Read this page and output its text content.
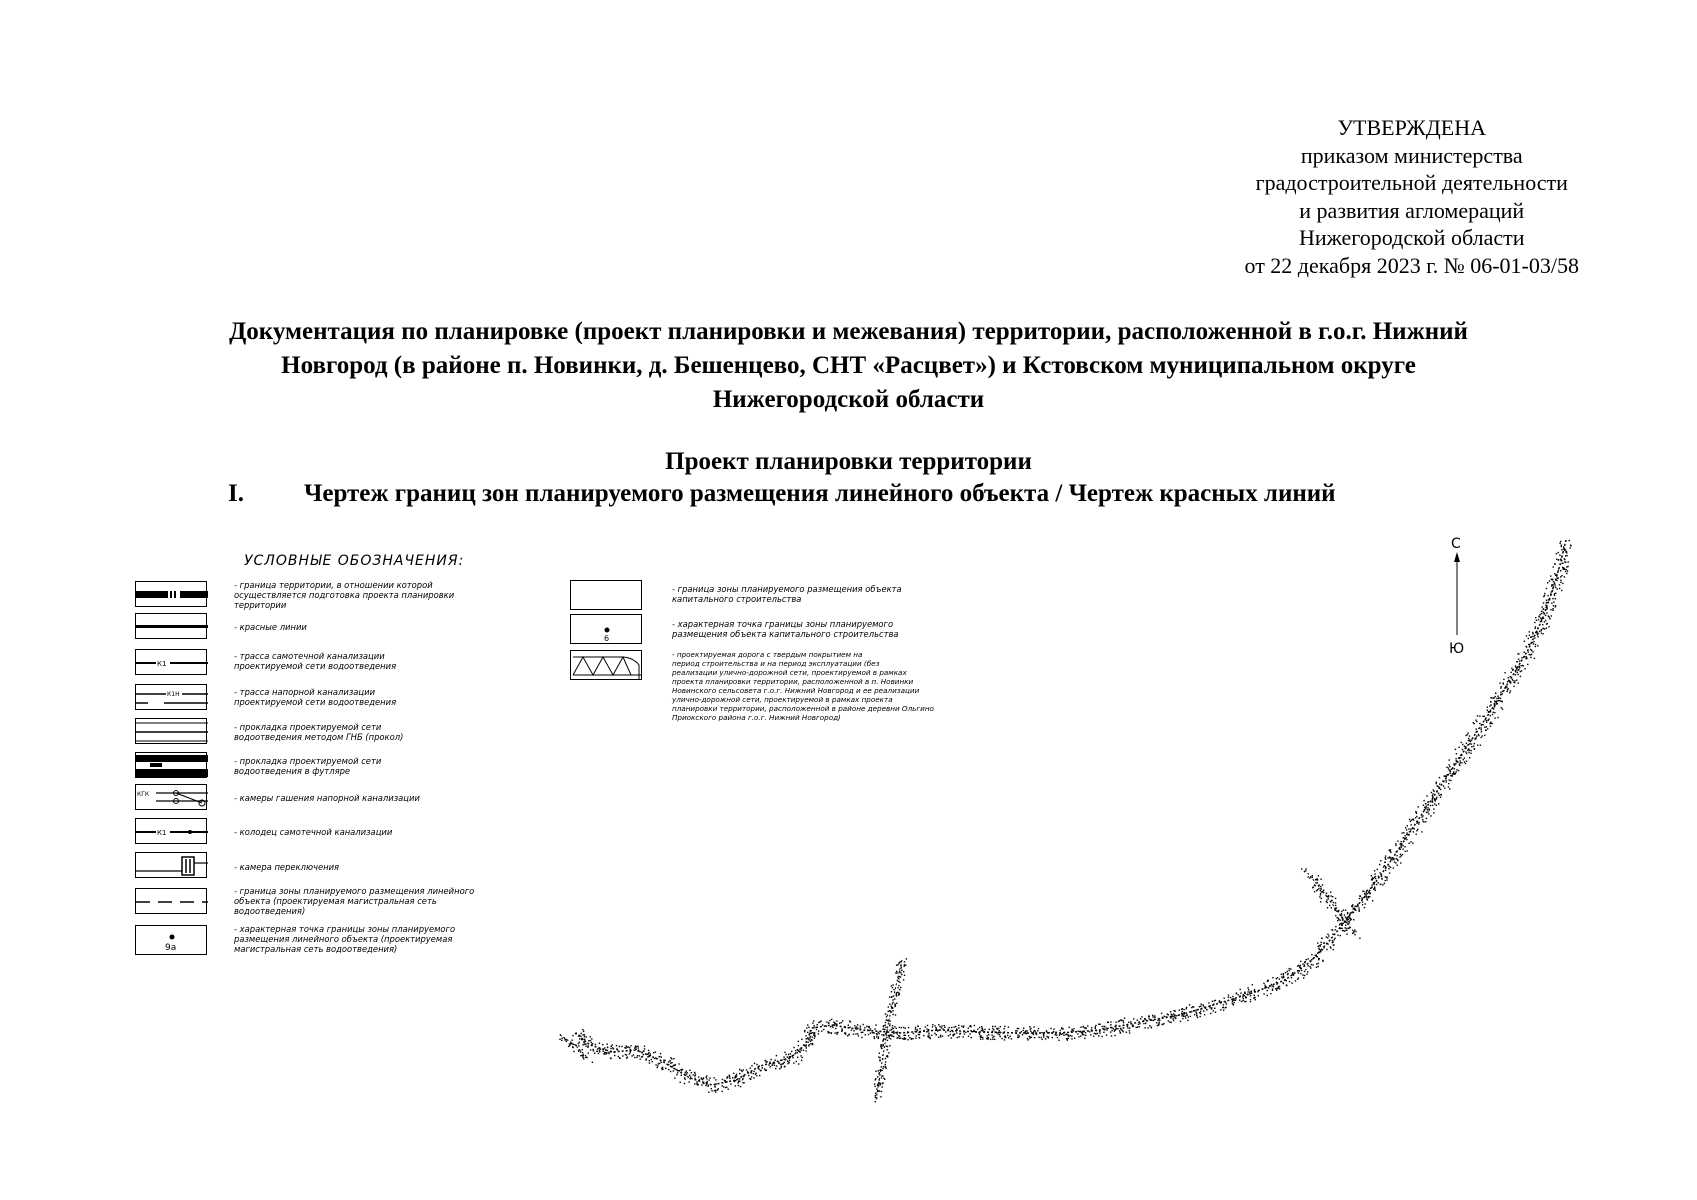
УТВЕРЖДЕНА
приказом министерства
градостроительной деятельности
и развития агломераций
Нижегородской области
от 22 декабря 2023 г. № 06-01-03/58
Документация по планировке (проект планировки и межевания) территории, расположенной в г.о.г. Нижний
Новгород (в районе п. Новинки, д. Бешенцево, СНТ «Расцвет») и Кстовском муниципальном округе
Нижегородской области
Проект планировки территории
I. Чертеж границ зон планируемого размещения линейного объекта / Чертеж красных линий
УСЛОВНЫЕ ОБОЗНАЧЕНИЯ:
К1
К1Н
КГК
К1
9а
- граница территории, в отношении которой
осуществляется подготовка проекта планировки
территории
- красные линии
- трасса самотечной канализации
проектируемой сети водоотведения
- трасса напорной канализации
проектируемой сети водоотведения
- прокладка проектируемой сети
водоотведения методом ГНБ (прокол)
- прокладка проектируемой сети
водоотведения в футляре
- камеры гашения напорной канализации
- колодец самотечной канализации
- камера переключения
- граница зоны планируемого размещения линейного
объекта (проектируемая магистральная сеть
водоотведения)
- характерная точка границы зоны планируемого
размещения линейного объекта (проектируемая
магистральная сеть водоотведения)
6
- граница зоны планируемого размещения объекта
капитального строительства
- характерная точка границы зоны планируемого
размещения объекта капитального строительства
- проектируемая дорога с твердым покрытием на
период строительства и на период эксплуатации (без
реализации улично-дорожной сети, проектируемой в рамках
проекта планировки территории, расположенной в п. Новинки
Новинского сельсовета г.о.г. Нижний Новгород и ее реализации
улично-дорожной сети, проектируемой в рамках проекта
планировки территории, расположенной в районе деревни Ольгино
Приокского района г.о.г. Нижний Новгород)
С
Ю
